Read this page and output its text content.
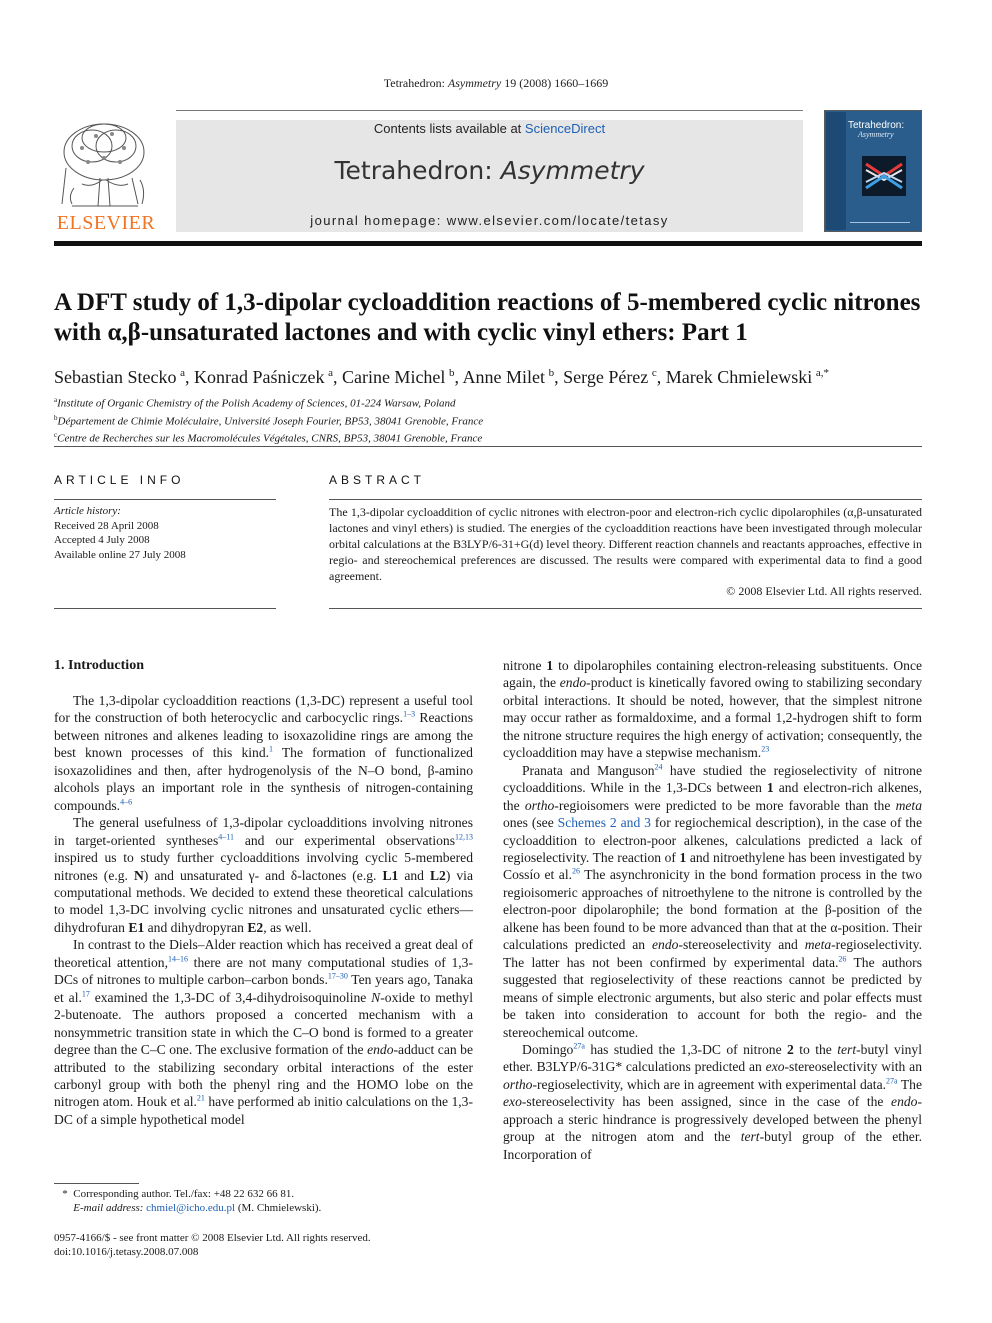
Tetrahedron: Asymmetry 19 (2008) 1660–1669
ELSEVIER
Contents lists available at ScienceDirect
Tetrahedron: Asymmetry
journal homepage: www.elsevier.com/locate/tetasy
Tetrahedron:
Asymmetry
A DFT study of 1,3-dipolar cycloaddition reactions of 5-membered cyclic nitrones with α,β-unsaturated lactones and with cyclic vinyl ethers: Part 1
Sebastian Stecko  $^a$, Konrad Paśniczek  $^a$, Carine Michel  $^b$, Anne Milet  $^b$, Serge Pérez  $^c$, Marek Chmielewski  $^{a,*}$
$^a$Institute of Organic Chemistry of the Polish Academy of Sciences, 01-224 Warsaw, Poland
$^b$Département de Chimie Moléculaire, Université Joseph Fourier, BP53, 38041 Grenoble, France
$^c$Centre de Recherches sur les Macromolécules Végétales, CNRS, BP53, 38041 Grenoble, France
ARTICLE INFO	ABSTRACT
Article history:
Received 28 April 2008
Accepted 4 July 2008
Available online 27 July 2008
The 1,3-dipolar cycloaddition of cyclic nitrones with electron-poor and electron-rich cyclic dipolarophiles (α,β-unsaturated lactones and vinyl ethers) is studied. The energies of the cycloaddition reactions have been investigated through molecular orbital calculations at the B3LYP/6-31+G(d) level theory. Different reaction channels and reactants approaches, effective in regio- and stereochemical preferences are discussed. The results were compared with experimental data to find a good agreement.
© 2008 Elsevier Ltd. All rights reserved.
1. Introduction

The 1,3-dipolar cycloaddition reactions (1,3-DC) represent a useful tool for the construction of both heterocyclic and carbocyclic rings.$^{1-3}$ Reactions between nitrones and alkenes leading to isoxazolidine rings are among the best known processes of this kind.$^1$ The formation of functionalized isoxazolidines and then, after hydrogenolysis of the N–O bond, β-amino alcohols plays an important role in the synthesis of nitrogen-containing compounds.$^{4-6}$

The general usefulness of 1,3-dipolar cycloadditions involving nitrones in target-oriented syntheses$^{4-11}$ and our experimental observations$^{12,13}$ inspired us to study further cycloadditions involving cyclic 5-membered nitrones (e.g. N) and unsaturated γ- and δ-lactones (e.g. L1 and L2) via computational methods. We decided to extend these theoretical calculations to model 1,3-DC involving cyclic nitrones and unsaturated cyclic ethers—dihydrofuran E1 and dihydropyran E2, as well.

In contrast to the Diels–Alder reaction which has received a great deal of theoretical attention,$^{14-16}$ there are not many computational studies of 1,3-DCs of nitrones to multiple carbon–carbon bonds.$^{17-30}$ Ten years ago, Tanaka et al.$^{17}$ examined the 1,3-DC of 3,4-dihydroisoquinoline N-oxide to methyl 2-butenoate. The authors proposed a concerted mechanism with a nonsymmetric transition state in which the C–O bond is formed to a greater degree than the C–C one. The exclusive formation of the endo-adduct can be attributed to the stabilizing secondary orbital interactions of the ester carbonyl group with both the phenyl ring and the HOMO lobe on the nitrogen atom. Houk et al.$^{21}$ have performed ab initio calculations on the 1,3-DC of a simple hypothetical model

nitrone 1 to dipolarophiles containing electron-releasing substituents. Once again, the endo-product is kinetically favored owing to stabilizing secondary orbital interactions. It should be noted, however, that the simplest nitrone may occur rather as formaldoxime, and a formal 1,2-hydrogen shift to form the nitrone structure requires the high energy of activation; consequently, the cycloaddition may have a stepwise mechanism.$^{23}$

Pranata and Manguson$^{24}$ have studied the regioselectivity of nitrone cycloadditions. While in the 1,3-DCs between 1 and electron-rich alkenes, the ortho-regioisomers were predicted to be more favorable than the meta ones (see Schemes 2 and 3 for regiochemical description), in the case of the cycloaddition to electron-poor alkenes, calculations predicted a lack of regioselectivity. The reaction of 1 and nitroethylene has been investigated by Cossío et al.$^{26}$ The asynchronicity in the bond formation process in the two regioisomeric approaches of nitroethylene to the nitrone is controlled by the electron-poor dipolarophile; the bond formation at the β-position of the alkene has been found to be more advanced than that at the α-position. Their calculations predicted an endo-stereoselectivity and meta-regioselectivity. The latter has not been confirmed by experimental data.$^{26}$ The authors suggested that regioselectivity of these reactions cannot be predicted by means of simple electronic arguments, but also steric and polar effects must be taken into consideration to account for both the regio- and the stereochemical outcome.

Domingo$^{27a}$ has studied the 1,3-DC of nitrone 2 to the tert-butyl vinyl ether. B3LYP/6-31G* calculations predicted an exo-stereoselectivity with an ortho-regioselectivity, which are in agreement with experimental data.$^{27a}$ The exo-stereoselectivity has been assigned, since in the case of the endo-approach a steric hindrance is progressively developed between the phenyl group at the nitrogen atom and the tert-butyl group of the ether. Incorporation of

*  Corresponding author. Tel./fax: +48 22 632 66 81.
E-mail address: chmiel@icho.edu.pl (M. Chmielewski).
0957-4166/$ - see front matter © 2008 Elsevier Ltd. All rights reserved.
doi:10.1016/j.tetasy.2008.07.008
